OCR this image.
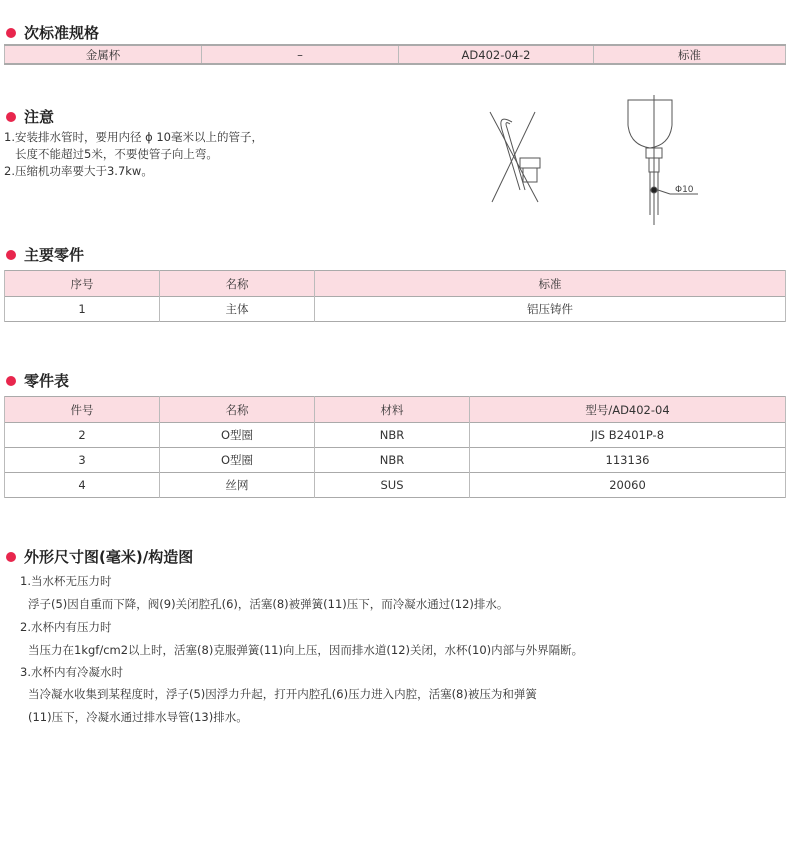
次标准规格
金属杯	–	AD402-04-2	标准
注意
1.安装排水管时，要用内径 ϕ 10毫米以上的管子，
长度不能超过5米，不要使管子向上弯。
2.压缩机功率要大于3.7kw。
Φ10
主要零件
序号	名称	标准
1	主体	铝压铸件
零件表
件号	名称	材料	型号/AD402-04
2	O型圈	NBR	JIS B2401P-8
3	O型圈	NBR	113136
4	丝网	SUS	20060
外形尺寸图(毫米)/构造图
1.当水杯无压力时
浮子(5)因自重而下降，阀(9)关闭腔孔(6)，活塞(8)被弹簧(11)压下，而冷凝水通过(12)排水。
2.水杯内有压力时
当压力在1kgf/cm2以上时，活塞(8)克服弹簧(11)向上压，因而排水道(12)关闭，水杯(10)内部与外界隔断。
3.水杯内有冷凝水时
当冷凝水收集到某程度时，浮子(5)因浮力升起，打开内腔孔(6)压力进入内腔，活塞(8)被压为和弹簧
(11)压下，冷凝水通过排水导管(13)排水。
